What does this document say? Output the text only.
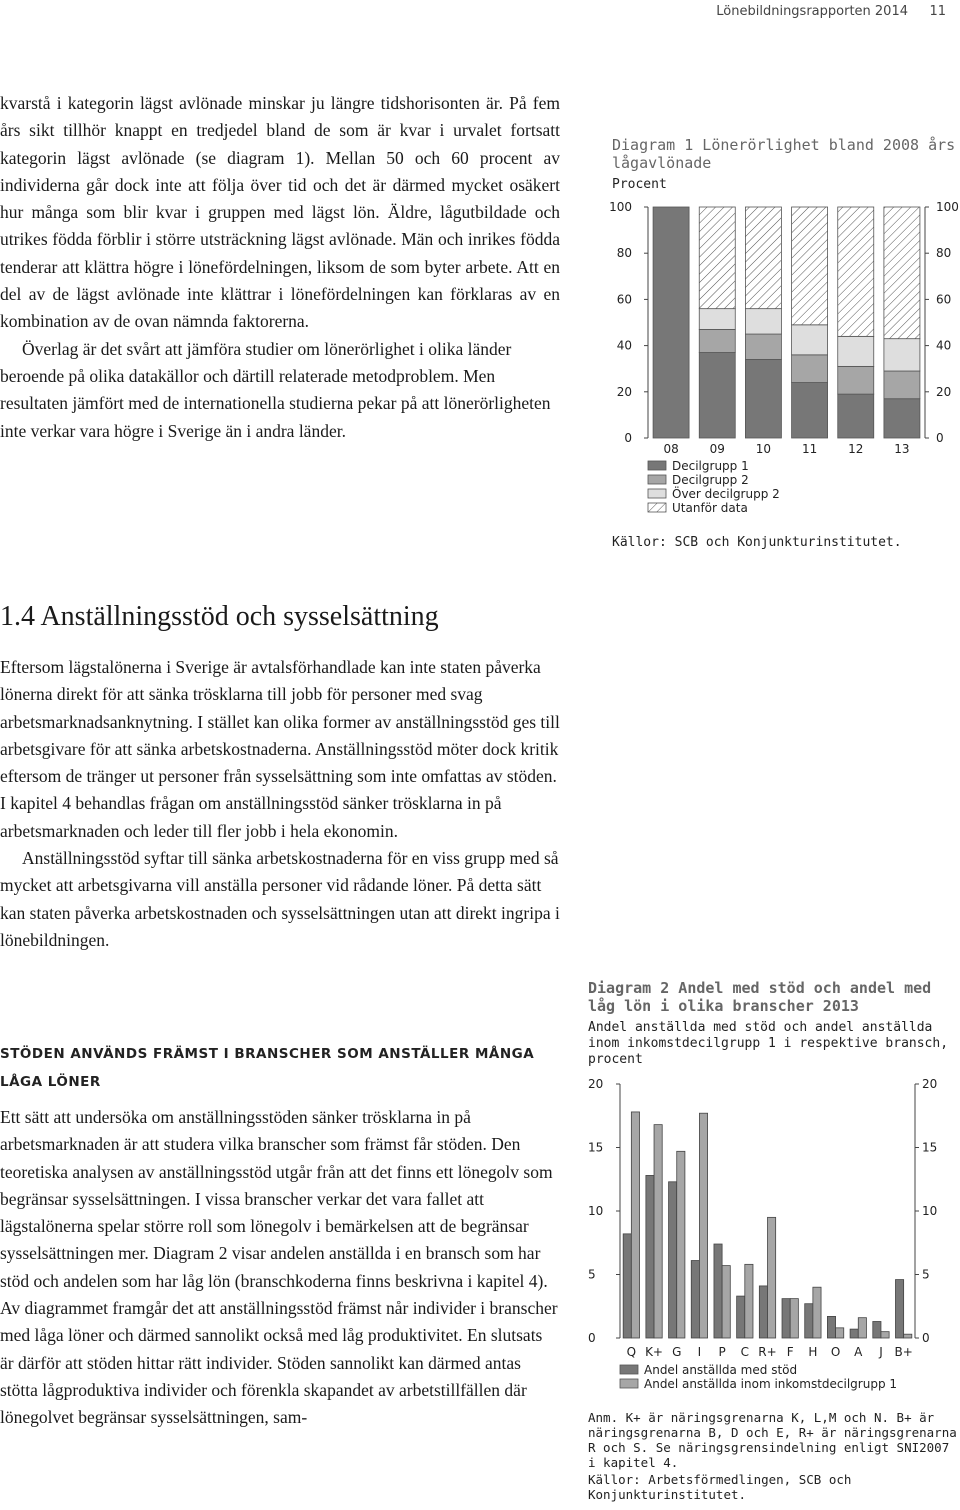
Lönebildningsrapporten 2014 11

kvarstå i kategorin lägst avlönade minskar ju längre tidshorisonten är. På fem års sikt tillhör knappt en tredjedel bland de som är kvar i urvalet fortsatt kategorin lägst avlönade (se diagram 1). Mellan 50 och 60 procent av individerna går dock inte att följa över tid och det är därmed mycket osäkert hur många som blir kvar i gruppen med lägst lön. Äldre, lågutbildade och utrikes födda förblir i större utsträckning lägst avlönade. Män och inrikes födda tenderar att klättra högre i lönefördelningen, liksom de som byter arbete. Att en del av de lägst avlönade inte klättrar i lönefördelningen kan förklaras av en kombination av de ovan nämnda faktorerna.

Överlag är det svårt att jämföra studier om lönerörlighet i olika länder beroende på olika datakällor och därtill relaterade metodproblem. Men resultaten jämfört med de internationella studierna pekar på att lönerörligheten inte verkar vara högre i Sverige än i andra länder.

1.4 Anställningsstöd och sysselsättning

Eftersom lägstalönerna i Sverige är avtalsförhandlade kan inte staten påverka lönerna direkt för att sänka trösklarna till jobb för personer med svag arbetsmarknadsanknytning. I stället kan olika former av anställningsstöd ges till arbetsgivare för att sänka arbetskostnaderna. Anställningsstöd möter dock kritik eftersom de tränger ut personer från sysselsättning som inte omfattas av stöden. I kapitel 4 behandlas frågan om anställningsstöd sänker trösklarna in på arbetsmarknaden och leder till fler jobb i hela ekonomin.

Anställningsstöd syftar till sänka arbetskostnaderna för en viss grupp med så mycket att arbetsgivarna vill anställa personer vid rådande löner. På detta sätt kan staten påverka arbetskostnaden och sysselsättningen utan att direkt ingripa i lönebildningen.

STÖDEN ANVÄNDS FRÄMST I BRANSCHER SOM ANSTÄLLER MÅNGA LÅGA LÖNER

Ett sätt att undersöka om anställningsstöden sänker trösklarna in på arbetsmarknaden är att studera vilka branscher som främst får stöden. Den teoretiska analysen av anställningsstöd utgår från att det finns ett lönegolv som begränsar sysselsättningen. I vissa branscher verkar det vara fallet att lägstalönerna spelar större roll som lönegolv i bemärkelsen att de begränsar sysselsättningen mer. Diagram 2 visar andelen anställda i en bransch som har stöd och andelen som har låg lön (branschkoderna finns beskrivna i kapitel 4). Av diagrammet framgår det att anställningsstöd främst når individer i branscher med låga löner och därmed sannolikt också med låg produktivitet. En slutsats är därför att stöden hittar rätt individer. Stöden sannolikt kan därmed antas stötta lågproduktiva individer och förenkla skapandet av arbetstillfällen där lönegolvet begränsar sysselsättningen, sam-

Diagram 1 Lönerörlighet bland 2008 års lågavlönade
Procent
0	0
20	20
40	40
60	60
80	80
100	100
08	09	10	11	12	13
Decilgrupp 1
Decilgrupp 2
Över decilgrupp 2
Utanför data
Källor: SCB och Konjunkturinstitutet.
Diagram 2 Andel med stöd och andel med låg lön i olika branscher 2013
Andel anställda med stöd och andel anställda inom inkomstdecilgrupp 1 i respektive bransch, procent
0	0
5	5
10	10
15	15
20	20
Q K+ G I P C R+ F H O A J B+
Andel anställda med stöd
Andel anställda inom inkomstdecilgrupp 1
Anm. K+ är näringsgrenarna K, L,M och N. B+ är näringsgrenarna B, D och E, R+ är näringsgrenarna R och S. Se näringsgrensindelning enligt SNI2007 i kapitel 4.
Källor: Arbetsförmedlingen, SCB och Konjunkturinstitutet.
